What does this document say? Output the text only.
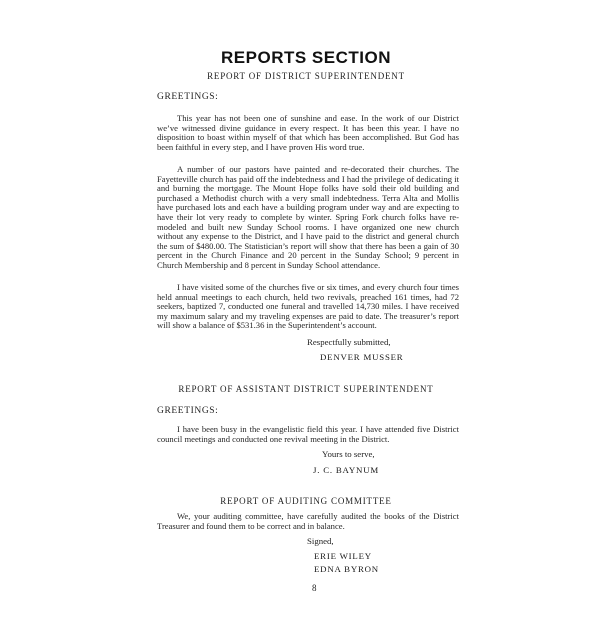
REPORTS SECTION
REPORT OF DISTRICT SUPERINTENDENT
GREETINGS:

This year has not been one of sunshine and ease. In the work of our District we’ve witnessed divine guidance in every respect. It has been this year. I have no disposition to boast within myself of that which has been accomplished. But God has been faithful in every step, and I have proven His word true.

A number of our pastors have painted and re-decorated their churches. The Fayetteville church has paid off the indebtedness and I had the privilege of dedicating it and burning the mortgage. The Mount Hope folks have sold their old building and purchased a Methodist church with a very small indebtedness. Terra Alta and Mollis have purchased lots and each have a building program under way and are expecting to have their lot very ready to complete by winter. Spring Fork church folks have re-modeled and built new Sunday School rooms. I have organized one new church without any expense to the District, and I have paid to the district and general church the sum of $480.00. The Statistician’s report will show that there has been a gain of 30 percent in the Church Finance and 20 percent in the Sunday School; 9 percent in Church Membership and 8 percent in Sunday School attendance.

I have visited some of the churches five or six times, and every church four times held annual meetings to each church, held two revivals, preached 161 times, had 72 seekers, baptized 7, conducted one funeral and travelled 14,730 miles. I have received my maximum salary and my traveling expenses are paid to date. The treasurer’s report will show a balance of $531.36 in the Superintendent’s account.

Respectfully submitted,
DENVER MUSSER
REPORT OF ASSISTANT DISTRICT SUPERINTENDENT
GREETINGS:

I have been busy in the evangelistic field this year. I have attended five District council meetings and conducted one revival meeting in the District.

Yours to serve,
J. C. BAYNUM
REPORT OF AUDITING COMMITTEE

We, your auditing committee, have carefully audited the books of the District Treasurer and found them to be correct and in balance.

Signed,
ERIE WILEY
EDNA BYRON
8
